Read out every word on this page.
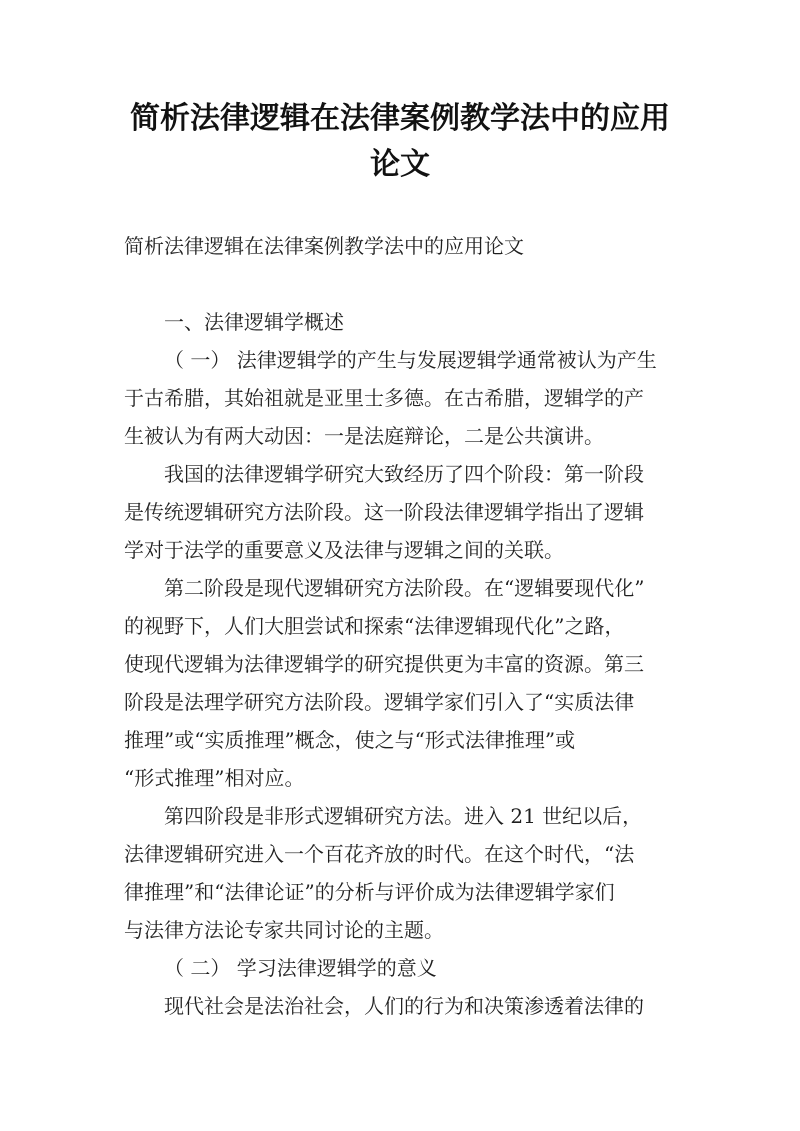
简析法律逻辑在法律案例教学法中的应用
论文
简析法律逻辑在法律案例教学法中的应用论文
一、法律逻辑学概述
（ 一） 法律逻辑学的产生与发展逻辑学通常被认为产生
于古希腊，其始祖就是亚里士多德。在古希腊，逻辑学的产
生被认为有两大动因：一是法庭辩论，二是公共演讲。
我国的法律逻辑学研究大致经历了四个阶段：第一阶段
是传统逻辑研究方法阶段。这一阶段法律逻辑学指出了逻辑
学对于法学的重要意义及法律与逻辑之间的关联。
第二阶段是现代逻辑研究方法阶段。在“逻辑要现代化”
的视野下，人们大胆尝试和探索“法律逻辑现代化”之路，
使现代逻辑为法律逻辑学的研究提供更为丰富的资源。第三
阶段是法理学研究方法阶段。逻辑学家们引入了“实质法律
推理”或“实质推理”概念，使之与“形式法律推理”或
“形式推理”相对应。
第四阶段是非形式逻辑研究方法。进入 21 世纪以后，
法律逻辑研究进入一个百花齐放的时代。在这个时代，“法
律推理”和“法律论证”的分析与评价成为法律逻辑学家们
与法律方法论专家共同讨论的主题。
（ 二） 学习法律逻辑学的意义
现代社会是法治社会，人们的行为和决策渗透着法律的
